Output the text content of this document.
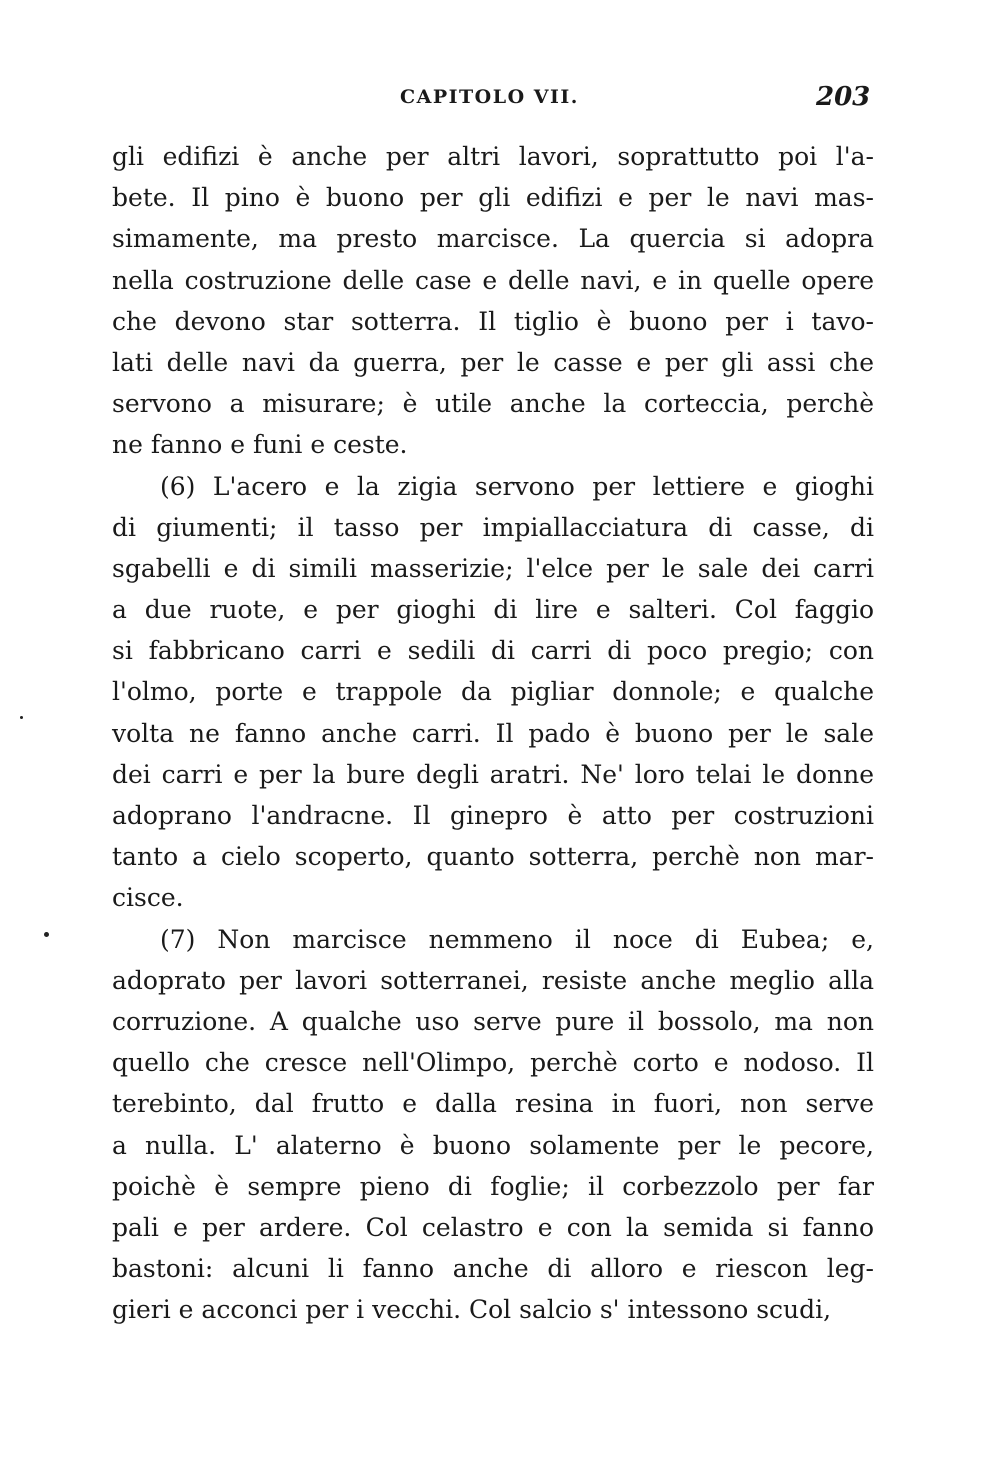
CAPITOLO VII.	203
gli edifizi è anche per altri lavori, soprattutto poi l'a-
bete. Il pino è buono per gli edifizi e per le navi mas-
simamente, ma presto marcisce. La quercia si adopra
nella costruzione delle case e delle navi, e in quelle opere
che devono star sotterra. Il tiglio è buono per i tavo-
lati delle navi da guerra, per le casse e per gli assi che
servono a misurare; è utile anche la corteccia, perchè
ne fanno e funi e ceste.
(6) L'acero e la zigia servono per lettiere e gioghi
di giumenti; il tasso per impiallacciatura di casse, di
sgabelli e di simili masserizie; l'elce per le sale dei carri
a due ruote, e per gioghi di lire e salteri. Col faggio
si fabbricano carri e sedili di carri di poco pregio; con
l'olmo, porte e trappole da pigliar donnole; e qualche
volta ne fanno anche carri. Il pado è buono per le sale
dei carri e per la bure degli aratri. Ne' loro telai le donne
adoprano l'andracne. Il ginepro è atto per costruzioni
tanto a cielo scoperto, quanto sotterra, perchè non mar-
cisce.
(7) Non marcisce nemmeno il noce di Eubea; e,
adoprato per lavori sotterranei, resiste anche meglio alla
corruzione. A qualche uso serve pure il bossolo, ma non
quello che cresce nell'Olimpo, perchè corto e nodoso. Il
terebinto, dal frutto e dalla resina in fuori, non serve
a nulla. L' alaterno è buono solamente per le pecore,
poichè è sempre pieno di foglie; il corbezzolo per far
pali e per ardere. Col celastro e con la semida si fanno
bastoni: alcuni li fanno anche di alloro e riescon leg-
gieri e acconci per i vecchi. Col salcio s' intessono scudi,
